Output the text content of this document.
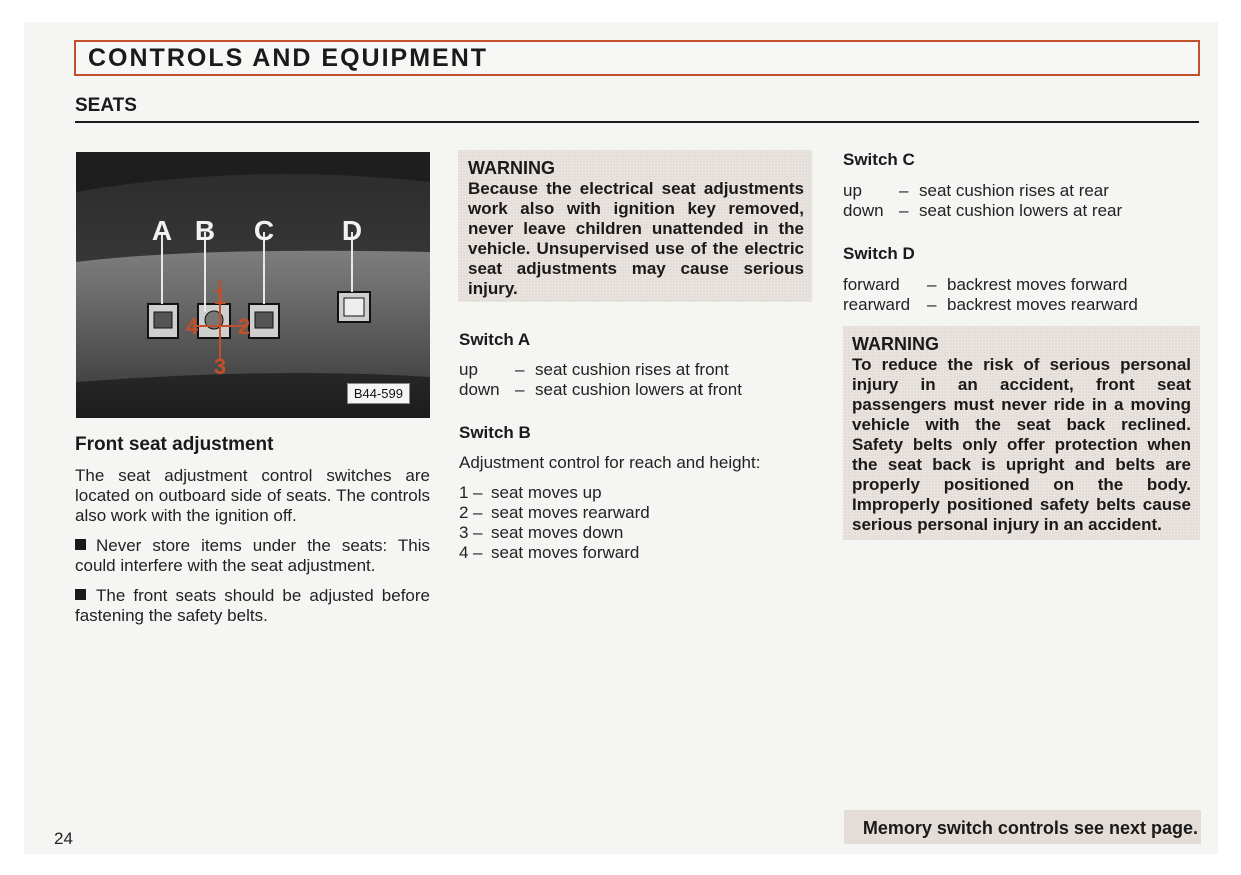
CONTROLS AND EQUIPMENT
SEATS
A B C D
1
2
3
4
B44-599
Front seat adjustment
The seat adjustment control switches are located on outboard side of seats. The controls also work with the ignition off.
Never store items under the seats: This could interfere with the seat adjustment.
The front seats should be adjusted before fastening the safety belts.
WARNING
Because the electrical seat adjustments work also with ignition key removed, never leave children unattended in the vehicle. Unsupervised use of the electric seat adjustments may cause serious injury.
Switch A
up – seat cushion rises at front
down – seat cushion lowers at front
Switch B
Adjustment control for reach and height:
1 – seat moves up
2 – seat moves rearward
3 – seat moves down
4 – seat moves forward
Switch C
up – seat cushion rises at rear
down – seat cushion lowers at rear
Switch D
forward – backrest moves forward
rearward – backrest moves rearward
WARNING
To reduce the risk of serious personal injury in an accident, front seat passengers must never ride in a moving vehicle with the seat back reclined. Safety belts only offer protection when the seat back is upright and belts are properly positioned on the body. Improperly positioned safety belts cause serious personal injury in an accident.
24
Memory switch controls see next page.
